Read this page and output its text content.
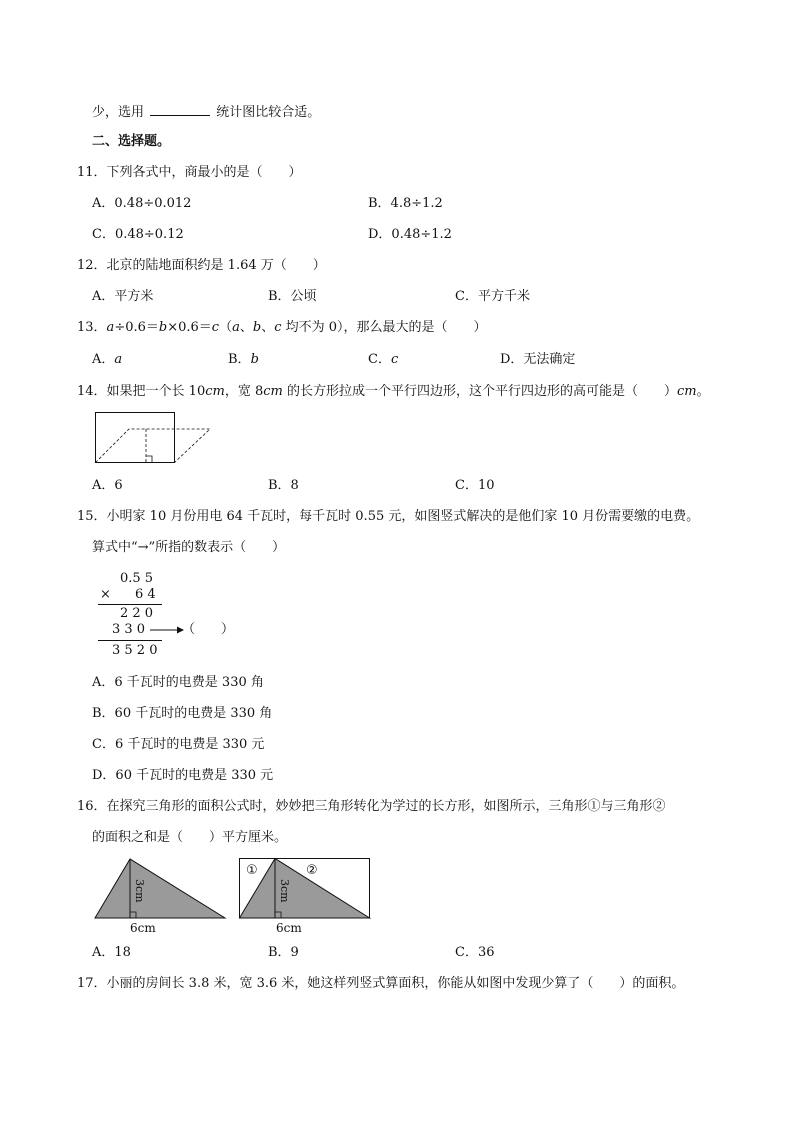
少，选用	统计图比较合适。
二、选择题。
11．下列各式中，商最小的是（　　）
A．0.48÷0.012	B．4.8÷1.2
C．0.48÷0.12	D．0.48÷1.2
12．北京的陆地面积约是 1.64 万（　　）
A．平方米	B．公顷	C．平方千米
13．a÷0.6＝b×0.6＝c（a、b、c 均不为 0），那么最大的是（　　）
A．a	B．b	C．c	D．无法确定
14．如果把一个长 10cm，宽 8cm 的长方形拉成一个平行四边形，这个平行四边形的高可能是（　　）cm。
A．6	B．8	C．10
15．小明家 10 月份用电 64 千瓦时，每千瓦时 0.55 元，如图竖式解决的是他们家 10 月份需要缴的电费。
算式中“→”所指的数表示（　　）
0.5 5
× 6 4
2 2 0
3 3 0	（　　）
3 5 2 0
A．6 千瓦时的电费是 330 角
B．60 千瓦时的电费是 330 角
C．6 千瓦时的电费是 330 元
D．60 千瓦时的电费是 330 元
16．在探究三角形的面积公式时，妙妙把三角形转化为学过的长方形，如图所示，三角形①与三角形②
的面积之和是（　　）平方厘米。
3cm
6cm
3cm
①	②
6cm
A．18	B．9	C．36
17．小丽的房间长 3.8 米，宽 3.6 米，她这样列竖式算面积，你能从如图中发现少算了（　　）的面积。
